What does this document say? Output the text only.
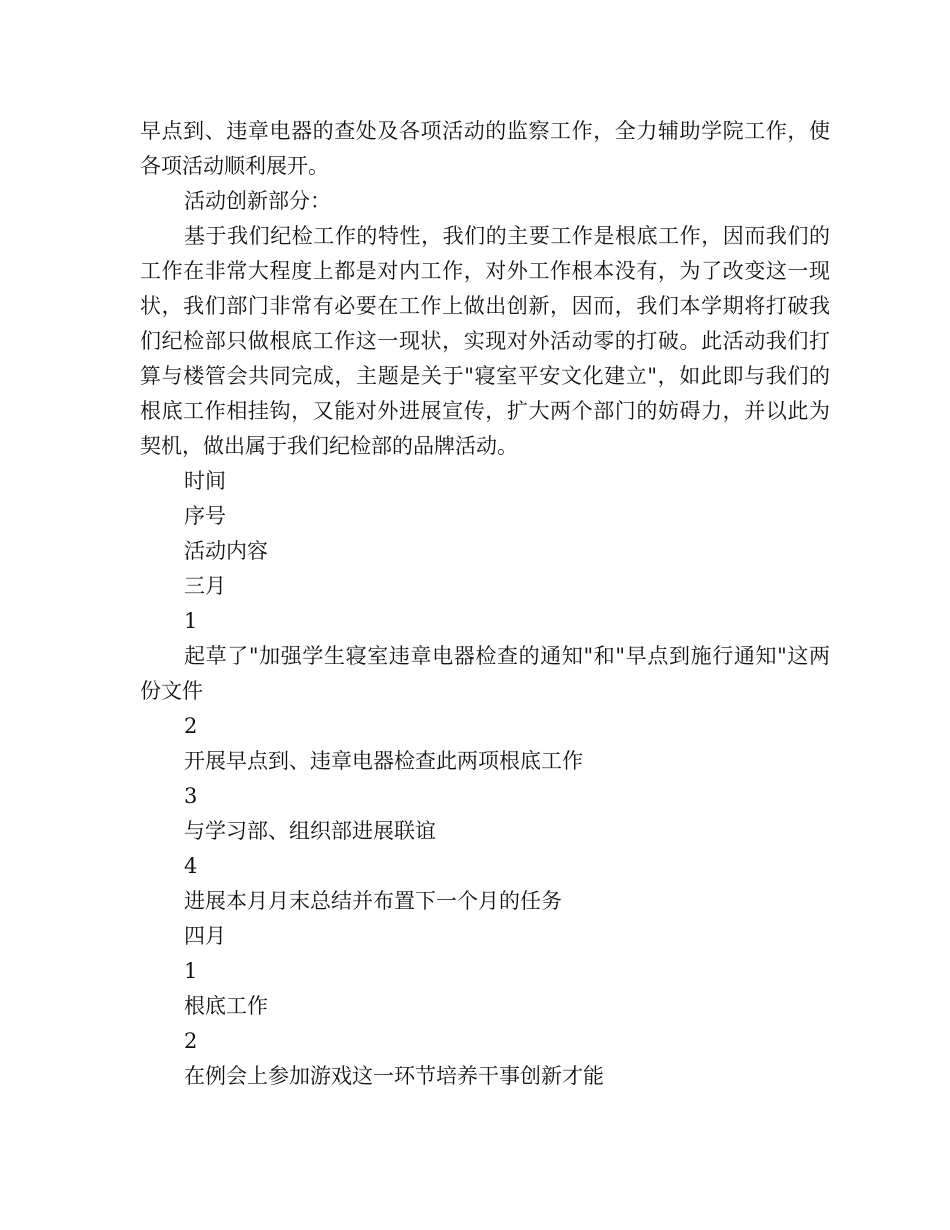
早点到、违章电器的查处及各项活动的监察工作，全力辅助学院工作，使各项活动顺利展开。

活动创新部分：

基于我们纪检工作的特性，我们的主要工作是根底工作，因而我们的工作在非常大程度上都是对内工作，对外工作根本没有，为了改变这一现状，我们部门非常有必要在工作上做出创新，因而，我们本学期将打破我们纪检部只做根底工作这一现状，实现对外活动零的打破。此活动我们打算与楼管会共同完成，主题是关于"寝室平安文化建立"，如此即与我们的根底工作相挂钩，又能对外进展宣传，扩大两个部门的妨碍力，并以此为契机，做出属于我们纪检部的品牌活动。

时间

序号

活动内容

三月

1

起草了"加强学生寝室违章电器检查的通知"和"早点到施行通知"这两份文件

2

开展早点到、违章电器检查此两项根底工作

3

与学习部、组织部进展联谊

4

进展本月月末总结并布置下一个月的任务

四月

1

根底工作

2

在例会上参加游戏这一环节培养干事创新才能
